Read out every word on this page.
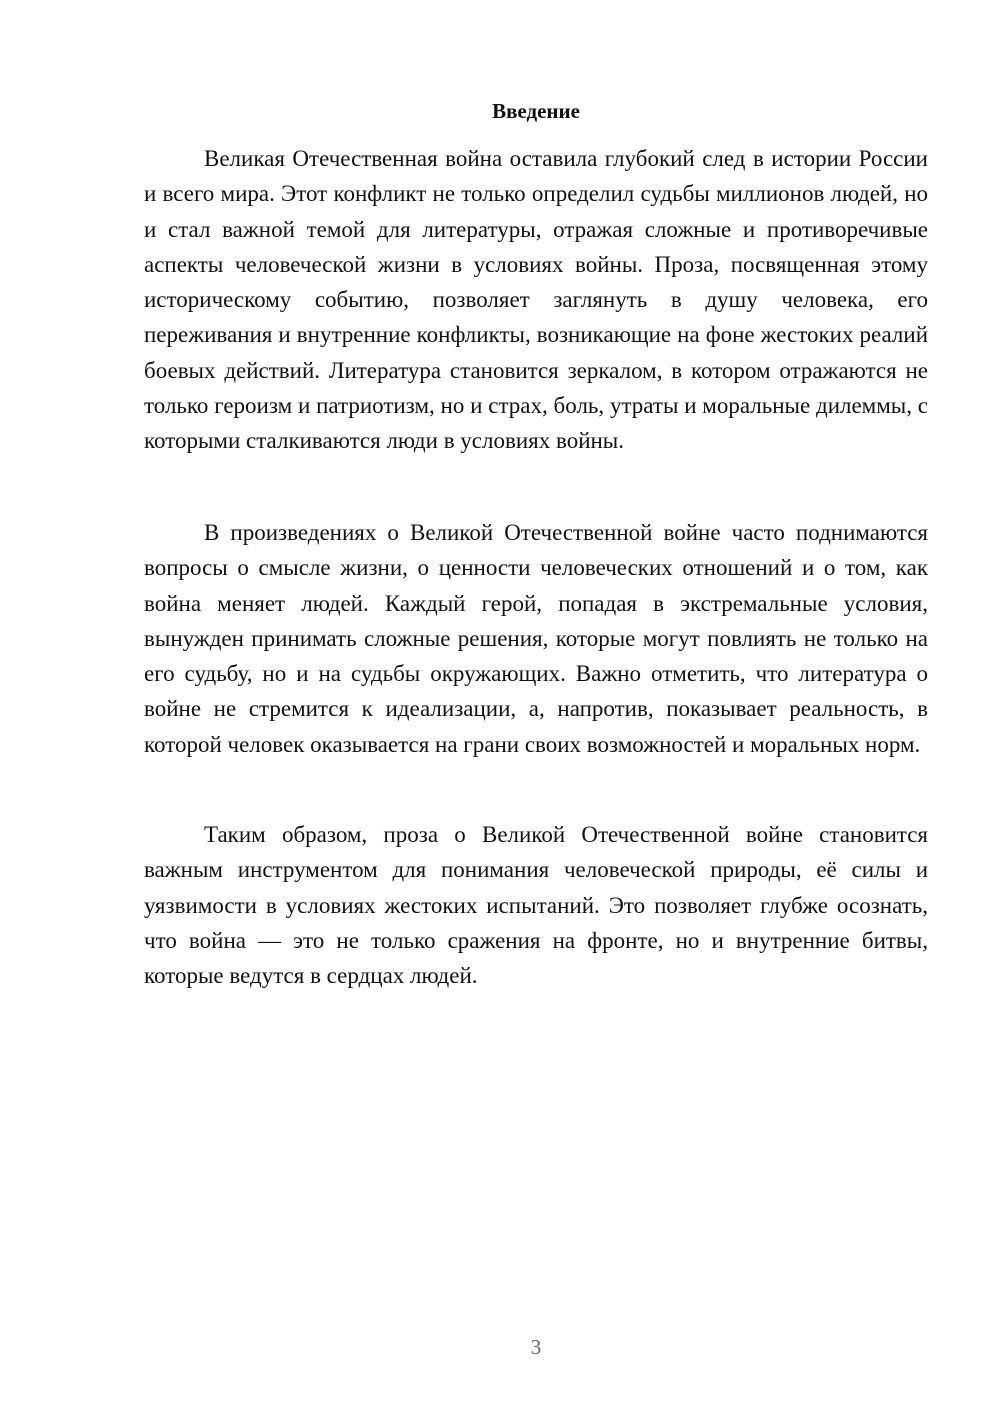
Введение

Великая Отечественная война оставила глубокий след в истории России и всего мира. Этот конфликт не только определил судьбы миллионов людей, но и стал важной темой для литературы, отражая сложные и противоречивые аспекты человеческой жизни в условиях войны. Проза, посвященная этому историческому событию, позволяет заглянуть в душу человека, его переживания и внутренние конфликты, возникающие на фоне жестоких реалий боевых действий. Литература становится зеркалом, в котором отражаются не только героизм и патриотизм, но и страх, боль, утраты и моральные дилеммы, с которыми сталкиваются люди в условиях войны.

В произведениях о Великой Отечественной войне часто поднимаются вопросы о смысле жизни, о ценности человеческих отношений и о том, как война меняет людей. Каждый герой, попадая в экстремальные условия, вынужден принимать сложные решения, которые могут повлиять не только на его судьбу, но и на судьбы окружающих. Важно отметить, что литература о войне не стремится к идеализации, а, напротив, показывает реальность, в которой человек оказывается на грани своих возможностей и моральных норм.

Таким образом, проза о Великой Отечественной войне становится важным инструментом для понимания человеческой природы, её силы и уязвимости в условиях жестоких испытаний. Это позволяет глубже осознать, что война — это не только сражения на фронте, но и внутренние битвы, которые ведутся в сердцах людей.

3
